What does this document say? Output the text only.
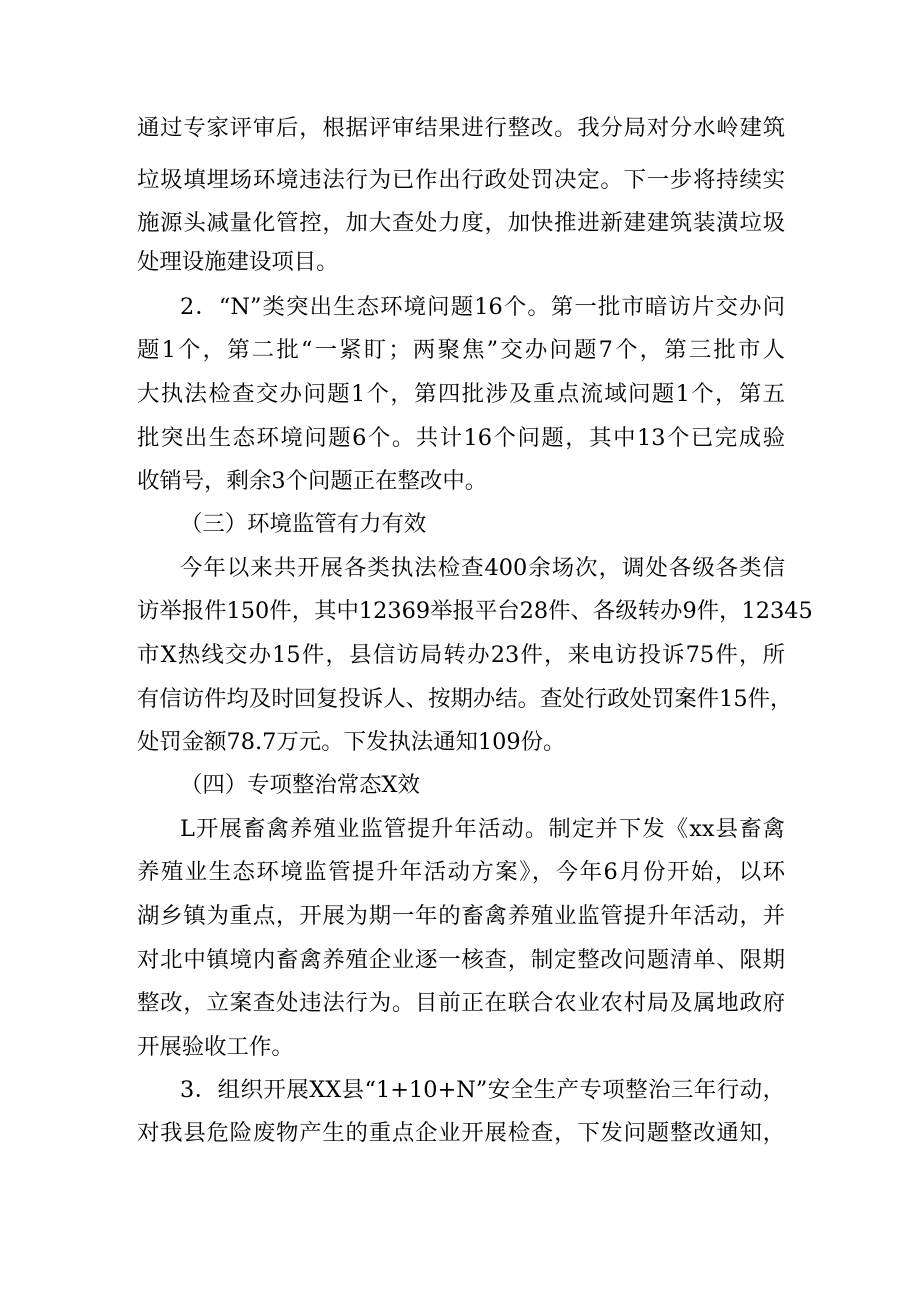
通过专家评审后，根据评审结果进行整改。我分局对分水岭建筑
垃圾填埋场环境违法行为已作出行政处罚决定。下一步将持续实
施源头减量化管控，加大查处力度，加快推进新建建筑装潢垃圾
处理设施建设项目。
2．“N”类突出生态环境问题16个。第一批市暗访片交办问
题1个，第二批“一紧盯；两聚焦”交办问题7个，第三批市人
大执法检查交办问题1个，第四批涉及重点流域问题1个，第五
批突出生态环境问题6个。共计16个问题，其中13个已完成验
收销号，剩余3个问题正在整改中。
（三）环境监管有力有效
今年以来共开展各类执法检查400余场次，调处各级各类信
访举报件150件，其中12369举报平台28件、各级转办9件，12345
市X热线交办15件，县信访局转办23件，来电访投诉75件，所
有信访件均及时回复投诉人、按期办结。查处行政处罚案件15件，
处罚金额78.7万元。下发执法通知109份。
（四）专项整治常态X效
L开展畜禽养殖业监管提升年活动。制定并下发《xx县畜禽
养殖业生态环境监管提升年活动方案》，今年6月份开始，以环
湖乡镇为重点，开展为期一年的畜禽养殖业监管提升年活动，并
对北中镇境内畜禽养殖企业逐一核查，制定整改问题清单、限期
整改，立案查处违法行为。目前正在联合农业农村局及属地政府
开展验收工作。
3．组织开展XX县“1+10+N”安全生产专项整治三年行动，
对我县危险废物产生的重点企业开展检查，下发问题整改通知，
